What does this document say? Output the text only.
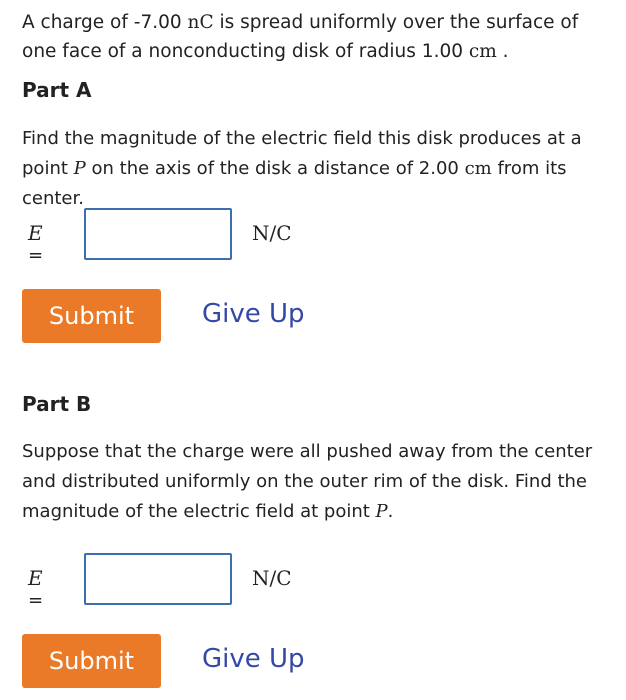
A charge of -7.00 nC is spread uniformly over the surface of one face of a nonconducting disk of radius 1.00 cm .

Part A

Find the magnitude of the electric field this disk produces at a point P on the axis of the disk a distance of 2.00 cm from its center.

E =
N/C
Submit	Give Up
Part B

Suppose that the charge were all pushed away from the center and distributed uniformly on the outer rim of the disk. Find the magnitude of the electric field at point P.

E =
N/C
Submit	Give Up
